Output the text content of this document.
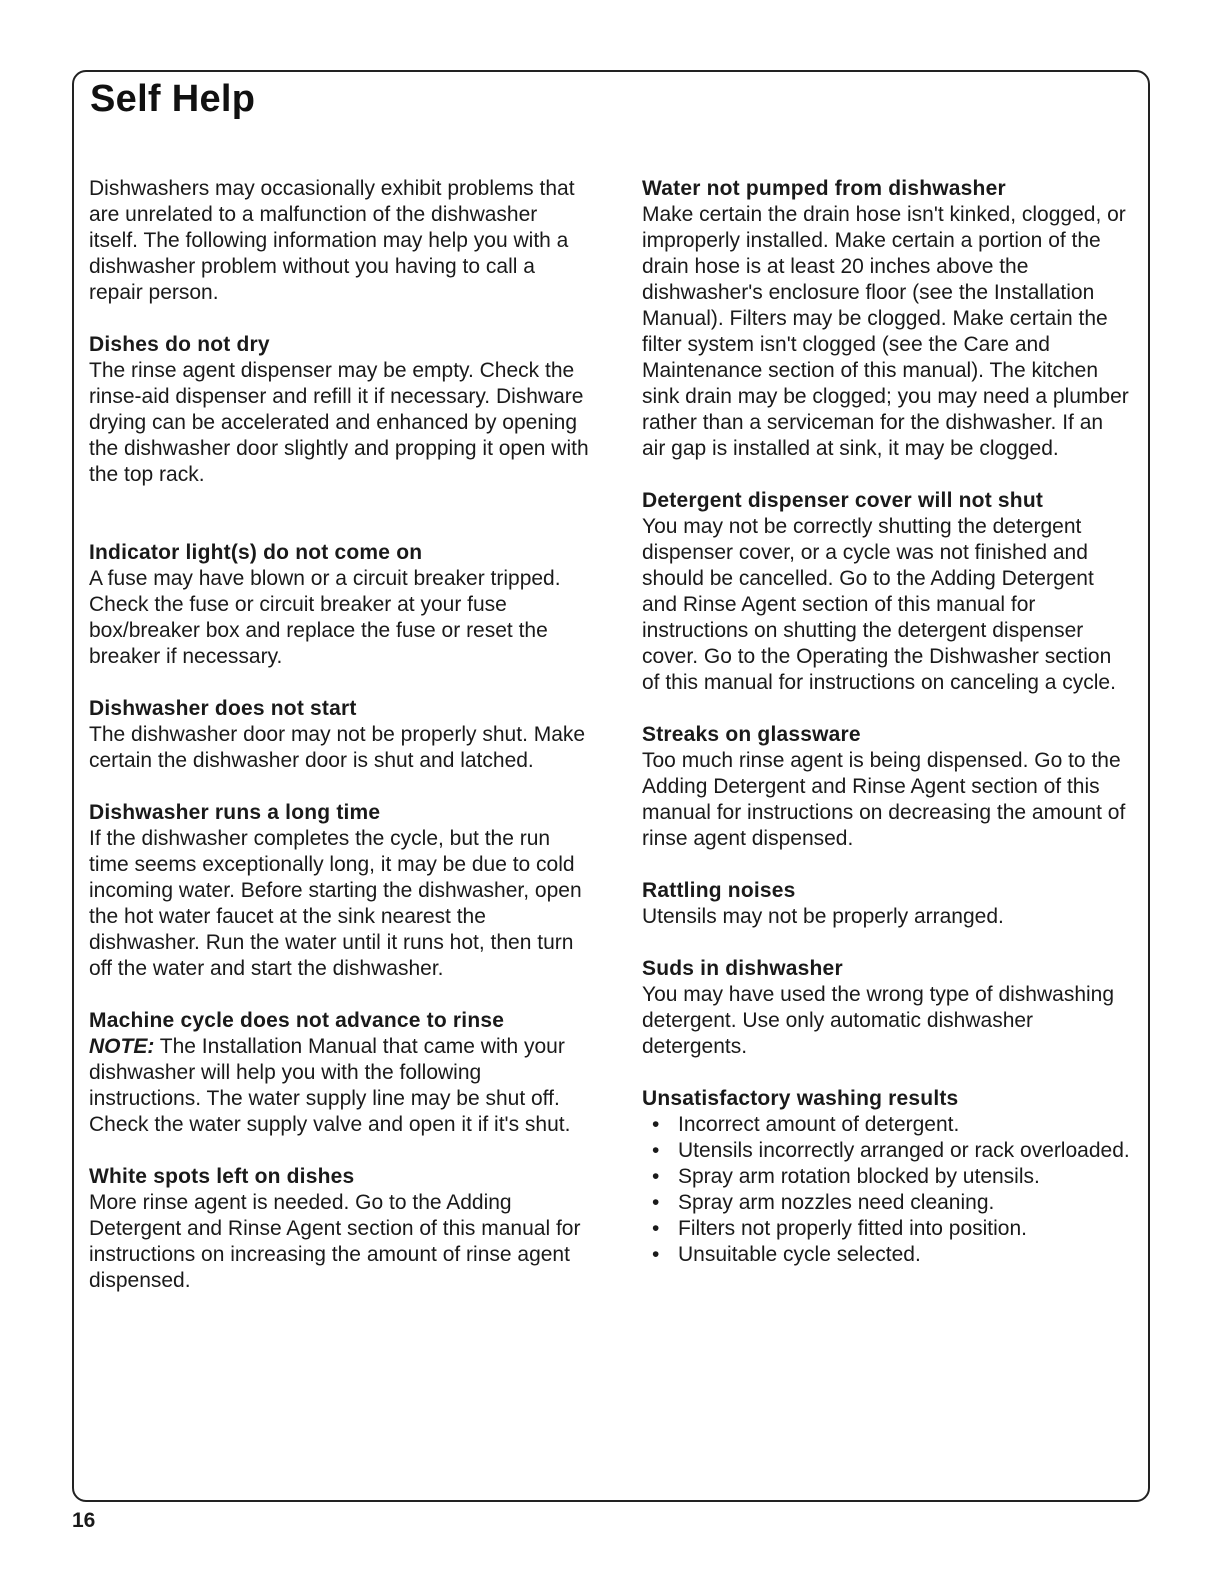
Self Help

Dishwashers may occasionally exhibit problems that are unrelated to a malfunction of the dishwasher itself. The following information may help you with a dishwasher problem without you having to call a repair person.

Dishes do not dry

The rinse agent dispenser may be empty. Check the rinse-aid dispenser and refill it if necessary. Dishware drying can be accelerated and enhanced by opening the dishwasher door slightly and propping it open with the top rack.

Indicator light(s) do not come on

A fuse may have blown or a circuit breaker tripped. Check the fuse or circuit breaker at your fuse box/breaker box and replace the fuse or reset the breaker if necessary.

Dishwasher does not start

The dishwasher door may not be properly shut. Make certain the dishwasher door is shut and latched.

Dishwasher runs a long time

If the dishwasher completes the cycle, but the run time seems exceptionally long, it may be due to cold incoming water. Before starting the dishwasher, open the hot water faucet at the sink nearest the dishwasher. Run the water until it runs hot, then turn off the water and start the dishwasher.

Machine cycle does not advance to rinse

NOTE: The Installation Manual that came with your dishwasher will help you with the following instructions. The water supply line may be shut off. Check the water supply valve and open it if it's shut.

White spots left on dishes

More rinse agent is needed. Go to the Adding Detergent and Rinse Agent section of this manual for instructions on increasing the amount of rinse agent dispensed.

Water not pumped from dishwasher

Make certain the drain hose isn't kinked, clogged, or improperly installed. Make certain a portion of the drain hose is at least 20 inches above the dishwasher's enclosure floor (see the Installation Manual). Filters may be clogged. Make certain the filter system isn't clogged (see the Care and Maintenance section of this manual). The kitchen sink drain may be clogged; you may need a plumber rather than a serviceman for the dishwasher. If an air gap is installed at sink, it may be clogged.

Detergent dispenser cover will not shut

You may not be correctly shutting the detergent dispenser cover, or a cycle was not finished and should be cancelled. Go to the Adding Detergent and Rinse Agent section of this manual for instructions on shutting the detergent dispenser cover. Go to the Operating the Dishwasher section of this manual for instructions on canceling a cycle.

Streaks on glassware

Too much rinse agent is being dispensed. Go to the Adding Detergent and Rinse Agent section of this manual for instructions on decreasing the amount of rinse agent dispensed.

Rattling noises

Utensils may not be properly arranged.

Suds in dishwasher

You may have used the wrong type of dishwashing detergent. Use only automatic dishwasher detergents.

Unsatisfactory washing results

• Incorrect amount of detergent.
• Utensils incorrectly arranged or rack overloaded.
• Spray arm rotation blocked by utensils.
• Spray arm nozzles need cleaning.
• Filters not properly fitted into position.
• Unsuitable cycle selected.

16
